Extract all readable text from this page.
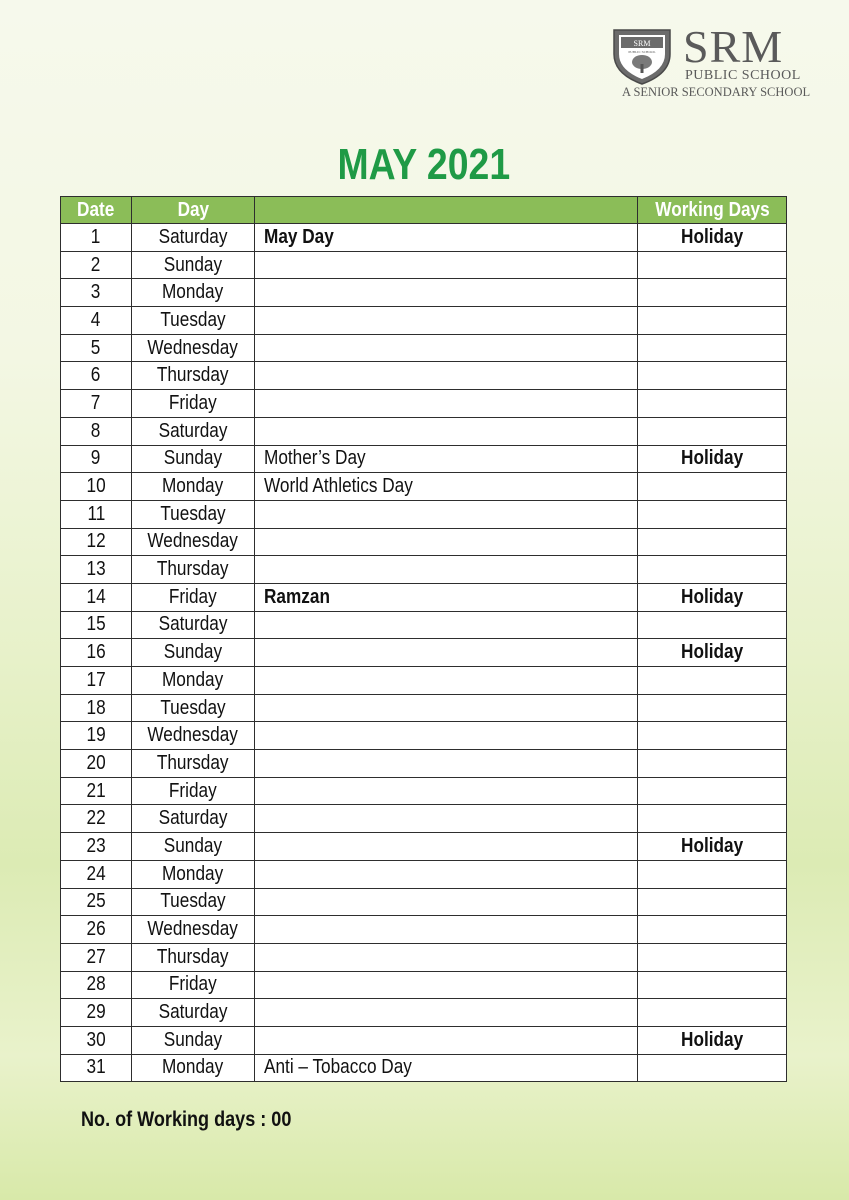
SRM
PUBLIC SCHOOL SRM
PUBLIC SCHOOL
A SENIOR SECONDARY SCHOOL
MAY 2021
Date	Day		Working Days
1	Saturday	May Day	Holiday
2	Sunday		
3	Monday		
4	Tuesday		
5	Wednesday		
6	Thursday		
7	Friday		
8	Saturday		
9	Sunday	Mother’s Day	Holiday
10	Monday	World Athletics Day	
11	Tuesday		
12	Wednesday		
13	Thursday		
14	Friday	Ramzan	Holiday
15	Saturday		
16	Sunday		Holiday
17	Monday		
18	Tuesday		
19	Wednesday		
20	Thursday		
21	Friday		
22	Saturday		
23	Sunday		Holiday
24	Monday		
25	Tuesday		
26	Wednesday		
27	Thursday		
28	Friday		
29	Saturday		
30	Sunday		Holiday
31	Monday	Anti – Tobacco Day	
No. of Working days : 00
